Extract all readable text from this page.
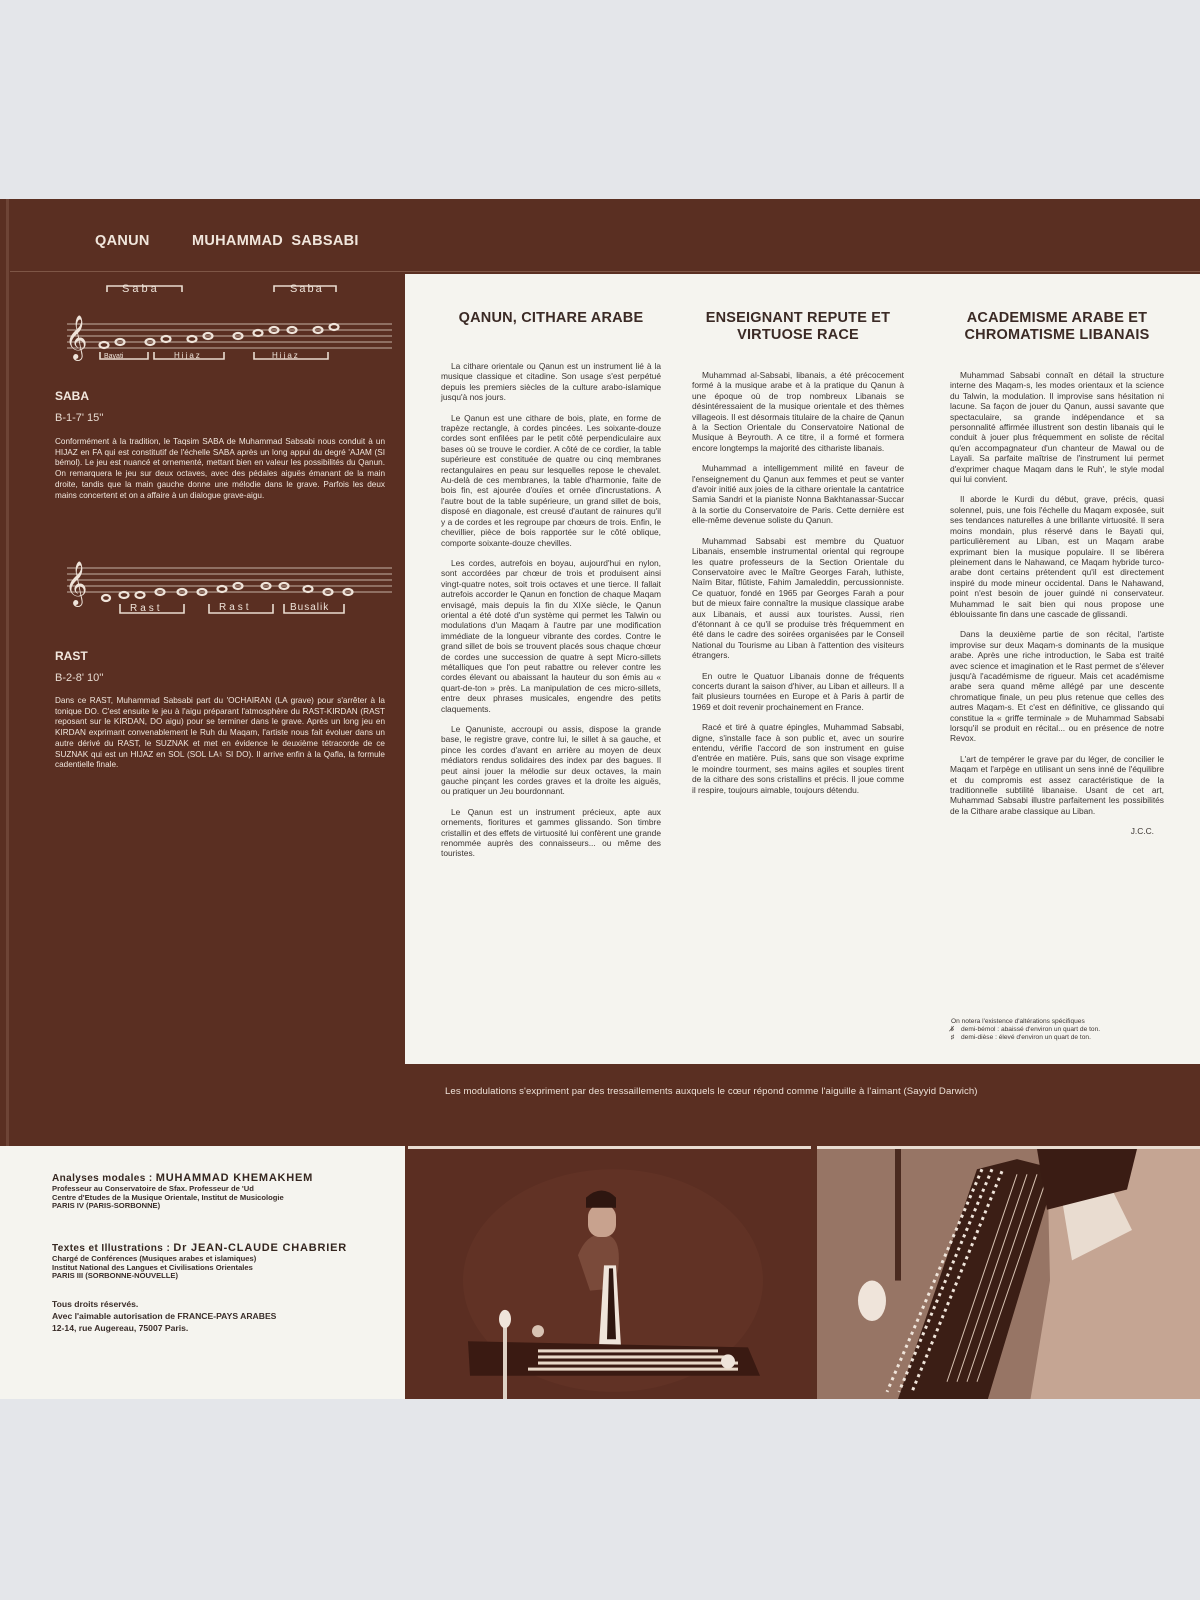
QANUN	MUHAMMAD SABSABI
𝄞
Saba	Saba
Bayati	Hijaz	Hijaz
SABA
B-1-7' 15''
Conformément à la tradition, le Taqsim SABA de Muhammad Sabsabi nous conduit à un HIJAZ en FA qui est constitutif de l'échelle SABA après un long appui du degré 'AJAM (SI bémol). Le jeu est nuancé et ornementé, mettant bien en valeur les possibilités du Qanun. On remarquera le jeu sur deux octaves, avec des pédales aiguës émanant de la main droite, tandis que la main gauche donne une mélodie dans le grave. Parfois les deux mains concertent et on a affaire à un dialogue grave-aigu.
𝄞
Rast	Rast	Busalik
RAST
B-2-8' 10''
Dans ce RAST, Muhammad Sabsabi part du 'OCHAIRAN (LA grave) pour s'arrêter à la tonique DO. C'est ensuite le jeu à l'aigu préparant l'atmosphère du RAST-KIRDAN (RAST reposant sur le KIRDAN, DO aigu) pour se terminer dans le grave. Après un long jeu en KIRDAN exprimant convenablement le Ruh du Maqam, l'artiste nous fait évoluer dans un autre dérivé du RAST, le SUZNAK et met en évidence le deuxième tétracorde de ce SUZNAK qui est un HIJAZ en SOL (SOL LA♮ SI DO). Il arrive enfin à la Qafla, la formule cadentielle finale.
QANUN, CITHARE ARABE

La cithare orientale ou Qanun est un instrument lié à la musique classique et citadine. Son usage s'est perpétué depuis les premiers siècles de la culture arabo-islamique jusqu'à nos jours.

Le Qanun est une cithare de bois, plate, en forme de trapèze rectangle, à cordes pincées. Les soixante-douze cordes sont enfilées par le petit côté perpendiculaire aux bases où se trouve le cordier. A côté de ce cordier, la table supérieure est constituée de quatre ou cinq membranes rectangulaires en peau sur lesquelles repose le chevalet. Au-delà de ces membranes, la table d'harmonie, faite de bois fin, est ajourée d'ouïes et ornée d'incrustations. A l'autre bout de la table supérieure, un grand sillet de bois, disposé en diagonale, est creusé d'autant de rainures qu'il y a de cordes et les regroupe par chœurs de trois. Enfin, le chevillier, pièce de bois rapportée sur le côté oblique, comporte soixante-douze chevilles.

Les cordes, autrefois en boyau, aujourd'hui en nylon, sont accordées par chœur de trois et produisent ainsi vingt-quatre notes, soit trois octaves et une tierce. Il fallait autrefois accorder le Qanun en fonction de chaque Maqam envisagé, mais depuis la fin du XIXe siècle, le Qanun oriental a été doté d'un système qui permet les Talwin ou modulations d'un Maqam à l'autre par une modification immédiate de la longueur vibrante des cordes. Contre le grand sillet de bois se trouvent placés sous chaque chœur de cordes une succession de quatre à sept Micro-sillets métalliques que l'on peut rabattre ou relever contre les cordes élevant ou abaissant la hauteur du son émis au « quart-de-ton » près. La manipulation de ces micro-sillets, entre deux phrases musicales, engendre des petits claquements.

Le Qanuniste, accroupi ou assis, dispose la grande base, le registre grave, contre lui, le sillet à sa gauche, et pince les cordes d'avant en arrière au moyen de deux médiators rendus solidaires des index par des bagues. Il peut ainsi jouer la mélodie sur deux octaves, la main gauche pinçant les cordes graves et la droite les aiguës, ou pratiquer un Jeu bourdonnant.

Le Qanun est un instrument précieux, apte aux ornements, fioritures et gammes glissando. Son timbre cristallin et des effets de virtuosité lui confèrent une grande renommée auprès des connaisseurs... ou même des touristes.

ENSEIGNANT REPUTE ET VIRTUOSE RACE

Muhammad al-Sabsabi, libanais, a été précocement formé à la musique arabe et à la pratique du Qanun à une époque où de trop nombreux Libanais se désintéressaient de la musique orientale et des thèmes villageois. Il est désormais titulaire de la chaire de Qanun à la Section Orientale du Conservatoire National de Musique à Beyrouth. A ce titre, il a formé et formera encore longtemps la majorité des cithariste libanais.

Muhammad a intelligemment milité en faveur de l'enseignement du Qanun aux femmes et peut se vanter d'avoir initié aux joies de la cithare orientale la cantatrice Samia Sandri et la pianiste Nonna Bakhtanassar-Succar à la sortie du Conservatoire de Paris. Cette dernière est elle-même devenue soliste du Qanun.

Muhammad Sabsabi est membre du Quatuor Libanais, ensemble instrumental oriental qui regroupe les quatre professeurs de la Section Orientale du Conservatoire avec le Maître Georges Farah, luthiste, Naïm Bitar, flûtiste, Fahim Jamaleddin, percussionniste. Ce quatuor, fondé en 1965 par Georges Farah a pour but de mieux faire connaître la musique classique arabe aux Libanais, et aussi aux touristes. Aussi, rien d'étonnant à ce qu'il se produise très fréquemment en été dans le cadre des soirées organisées par le Conseil National du Tourisme au Liban à l'attention des visiteurs étrangers.

En outre le Quatuor Libanais donne de fréquents concerts durant la saison d'hiver, au Liban et ailleurs. Il a fait plusieurs tournées en Europe et à Paris à partir de 1969 et doit revenir prochainement en France.

Racé et tiré à quatre épingles, Muhammad Sabsabi, digne, s'installe face à son public et, avec un sourire entendu, vérifie l'accord de son instrument en guise d'entrée en matière. Puis, sans que son visage exprime le moindre tourment, ses mains agiles et souples tirent de la cithare des sons cristallins et précis. Il joue comme il respire, toujours aimable, toujours détendu.

ACADEMISME ARABE ET CHROMATISME LIBANAIS

Muhammad Sabsabi connaît en détail la structure interne des Maqam-s, les modes orientaux et la science du Talwin, la modulation. Il improvise sans hésitation ni lacune. Sa façon de jouer du Qanun, aussi savante que spectaculaire, sa grande indépendance et sa personnalité affirmée illustrent son destin libanais qui le conduit à jouer plus fréquemment en soliste de récital qu'en accompagnateur d'un chanteur de Mawal ou de Layali. Sa parfaite maîtrise de l'instrument lui permet d'exprimer chaque Maqam dans le Ruh', le style modal qui lui convient.

Il aborde le Kurdi du début, grave, précis, quasi solennel, puis, une fois l'échelle du Maqam exposée, suit ses tendances naturelles à une brillante virtuosité. Il sera moins mondain, plus réservé dans le Bayati qui, particulièrement au Liban, est un Maqam arabe exprimant bien la musique populaire. Il se libérera pleinement dans le Nahawand, ce Maqam hybride turco-arabe dont certains prétendent qu'il est directement inspiré du mode mineur occidental. Dans le Nahawand, point n'est besoin de jouer guindé ni conservateur. Muhammad le sait bien qui nous propose une éblouissante fin dans une cascade de glissandi.

Dans la deuxième partie de son récital, l'artiste improvise sur deux Maqam-s dominants de la musique arabe. Après une riche introduction, le Saba est traité avec science et imagination et le Rast permet de s'élever jusqu'à l'académisme de rigueur. Mais cet académisme arabe sera quand même allégé par une descente chromatique finale, un peu plus retenue que celles des autres Maqam-s. Et c'est en définitive, ce glissando qui constitue la « griffe terminale » de Muhammad Sabsabi lorsqu'il se produit en récital... ou en présence de notre Revox.

L'art de tempérer le grave par du léger, de concilier le Maqam et l'arpège en utilisant un sens inné de l'équilibre et du compromis est assez caractéristique de la traditionnelle subtilité libanaise. Usant de cet art, Muhammad Sabsabi illustre parfaitement les possibilités de la Cithare arabe classique au Liban.

J.C.C.
On notera l'existence d'altérations spécifiques
♭̸ demi-bémol : abaissé d'environ un quart de ton.
♯ demi-dièse : élevé d'environ un quart de ton.
Les modulations s'expriment par des tressaillements auxquels le cœur répond comme l'aiguille à l'aimant (Sayyid Darwich)
Analyses modales : MUHAMMAD KHEMAKHEM
Professeur au Conservatoire de Sfax. Professeur de 'Ud
Centre d'Etudes de la Musique Orientale, Institut de Musicologie
PARIS IV (PARIS-SORBONNE)
Textes et Illustrations : Dr JEAN-CLAUDE CHABRIER
Chargé de Conférences (Musiques arabes et islamiques)
Institut National des Langues et Civilisations Orientales
PARIS III (SORBONNE-NOUVELLE)
Tous droits réservés.
Avec l'aimable autorisation de FRANCE-PAYS ARABES
12-14, rue Augereau, 75007 Paris.
